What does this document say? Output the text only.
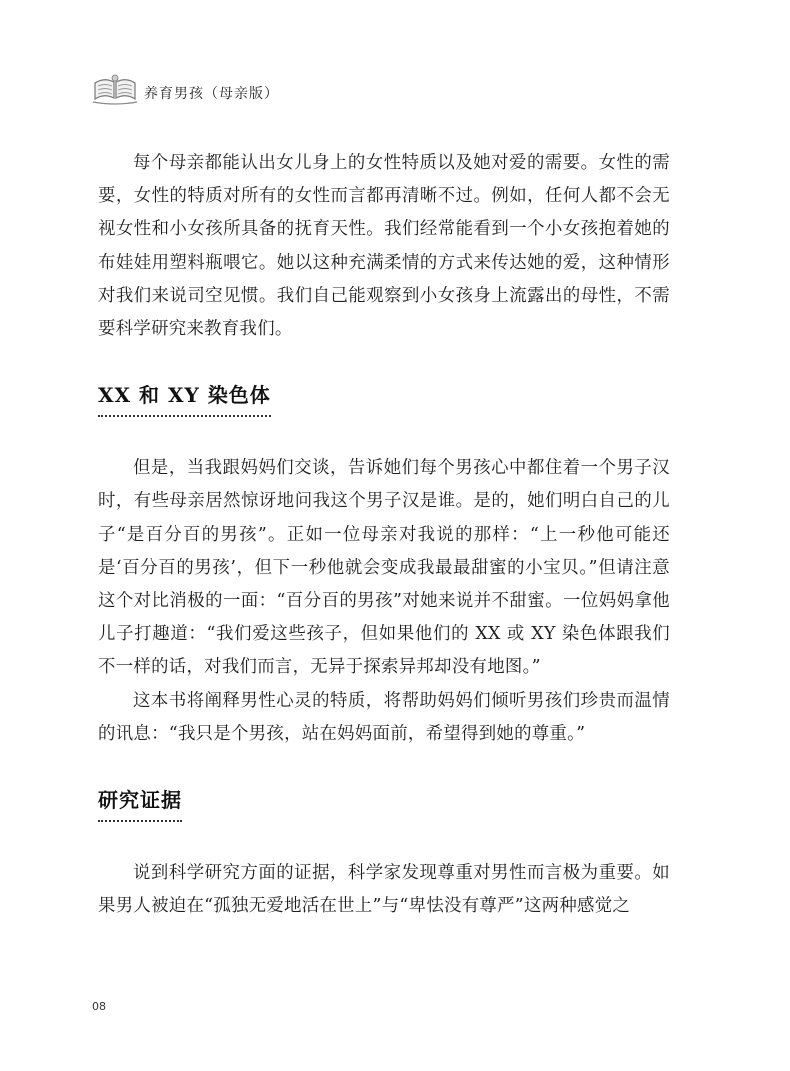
养育男孩（母亲版）

每个母亲都能认出女儿身上的女性特质以及她对爱的需要。女性的需要，女性的特质对所有的女性而言都再清晰不过。例如，任何人都不会无视女性和小女孩所具备的抚育天性。我们经常能看到一个小女孩抱着她的布娃娃用塑料瓶喂它。她以这种充满柔情的方式来传达她的爱，这种情形对我们来说司空见惯。我们自己能观察到小女孩身上流露出的母性，不需要科学研究来教育我们。

XX 和 XY 染色体

但是，当我跟妈妈们交谈，告诉她们每个男孩心中都住着一个男子汉时，有些母亲居然惊讶地问我这个男子汉是谁。是的，她们明白自己的儿子“是百分百的男孩”。正如一位母亲对我说的那样：“上一秒他可能还是‘百分百的男孩’，但下一秒他就会变成我最最甜蜜的小宝贝。”但请注意这个对比消极的一面：“百分百的男孩”对她来说并不甜蜜。一位妈妈拿他儿子打趣道：“我们爱这些孩子，但如果他们的 XX 或 XY 染色体跟我们不一样的话，对我们而言，无异于探索异邦却没有地图。”

这本书将阐释男性心灵的特质，将帮助妈妈们倾听男孩们珍贵而温情的讯息：“我只是个男孩，站在妈妈面前，希望得到她的尊重。”

研究证据

说到科学研究方面的证据，科学家发现尊重对男性而言极为重要。如果男人被迫在“孤独无爱地活在世上”与“卑怯没有尊严”这两种感觉之

08
